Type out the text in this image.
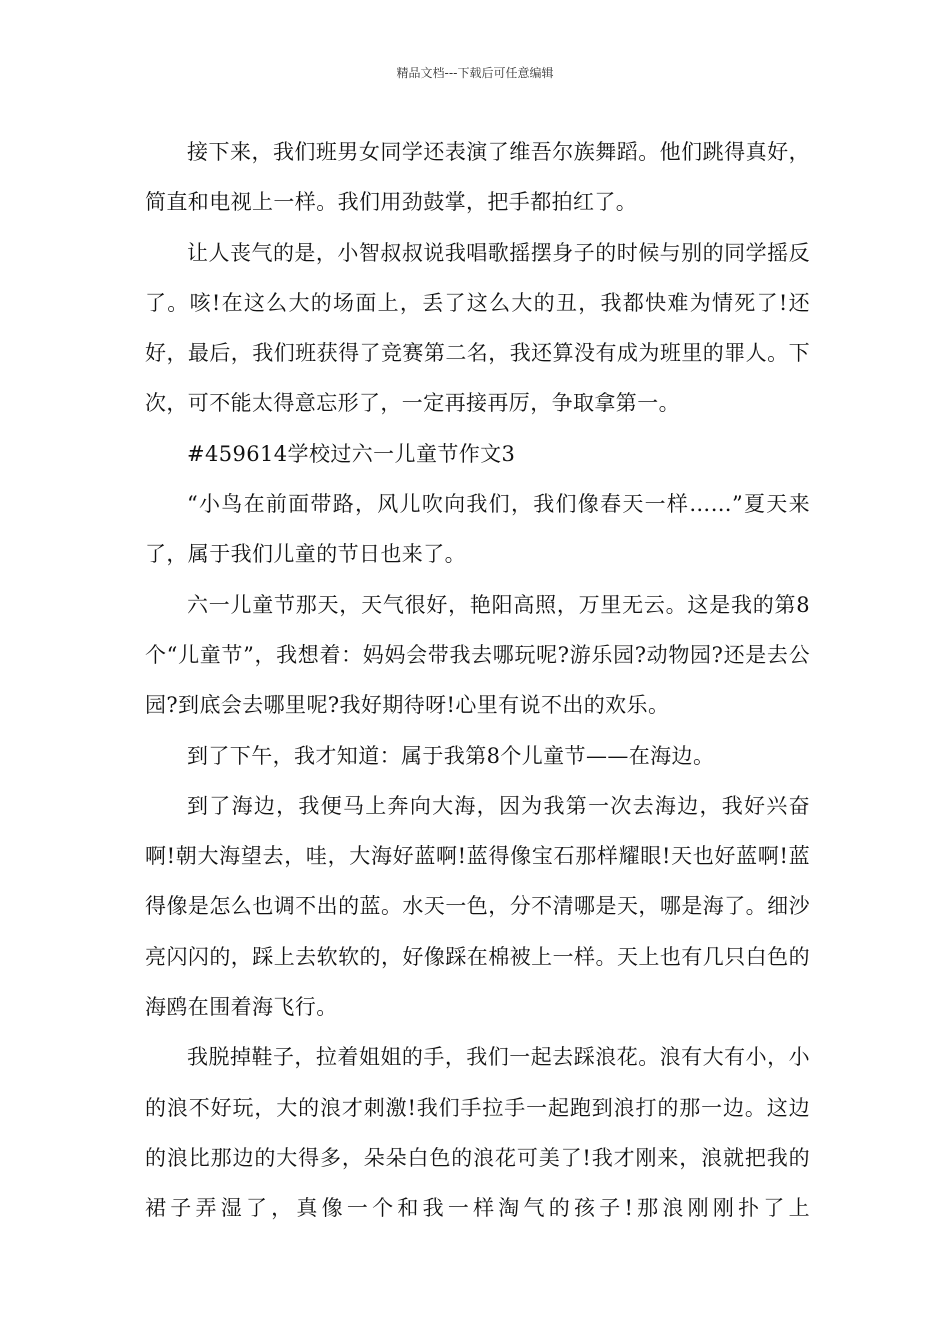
精品文档---下载后可任意编辑

接下来，我们班男女同学还表演了维吾尔族舞蹈。他们跳得真好，简直和电视上一样。我们用劲鼓掌，把手都拍红了。

让人丧气的是，小智叔叔说我唱歌摇摆身子的时候与别的同学摇反了。咳!在这么大的场面上，丢了这么大的丑，我都快难为情死了!还好，最后，我们班获得了竞赛第二名，我还算没有成为班里的罪人。下次，可不能太得意忘形了，一定再接再厉，争取拿第一。

#459614学校过六一儿童节作文3

“小鸟在前面带路，风儿吹向我们，我们像春天一样……”夏天来了，属于我们儿童的节日也来了。

六一儿童节那天，天气很好，艳阳高照，万里无云。这是我的第8个“儿童节”，我想着：妈妈会带我去哪玩呢?游乐园?动物园?还是去公园?到底会去哪里呢?我好期待呀!心里有说不出的欢乐。

到了下午，我才知道：属于我第8个儿童节——在海边。

到了海边，我便马上奔向大海，因为我第一次去海边，我好兴奋啊!朝大海望去，哇，大海好蓝啊!蓝得像宝石那样耀眼!天也好蓝啊!蓝得像是怎么也调不出的蓝。水天一色，分不清哪是天，哪是海了。细沙亮闪闪的，踩上去软软的，好像踩在棉被上一样。天上也有几只白色的海鸥在围着海飞行。

我脱掉鞋子，拉着姐姐的手，我们一起去踩浪花。浪有大有小，小的浪不好玩，大的浪才刺激!我们手拉手一起跑到浪打的那一边。这边的浪比那边的大得多，朵朵白色的浪花可美了!我才刚来，浪就把我的裙子弄湿了，真像一个和我一样淘气的孩子!那浪刚刚扑了上
